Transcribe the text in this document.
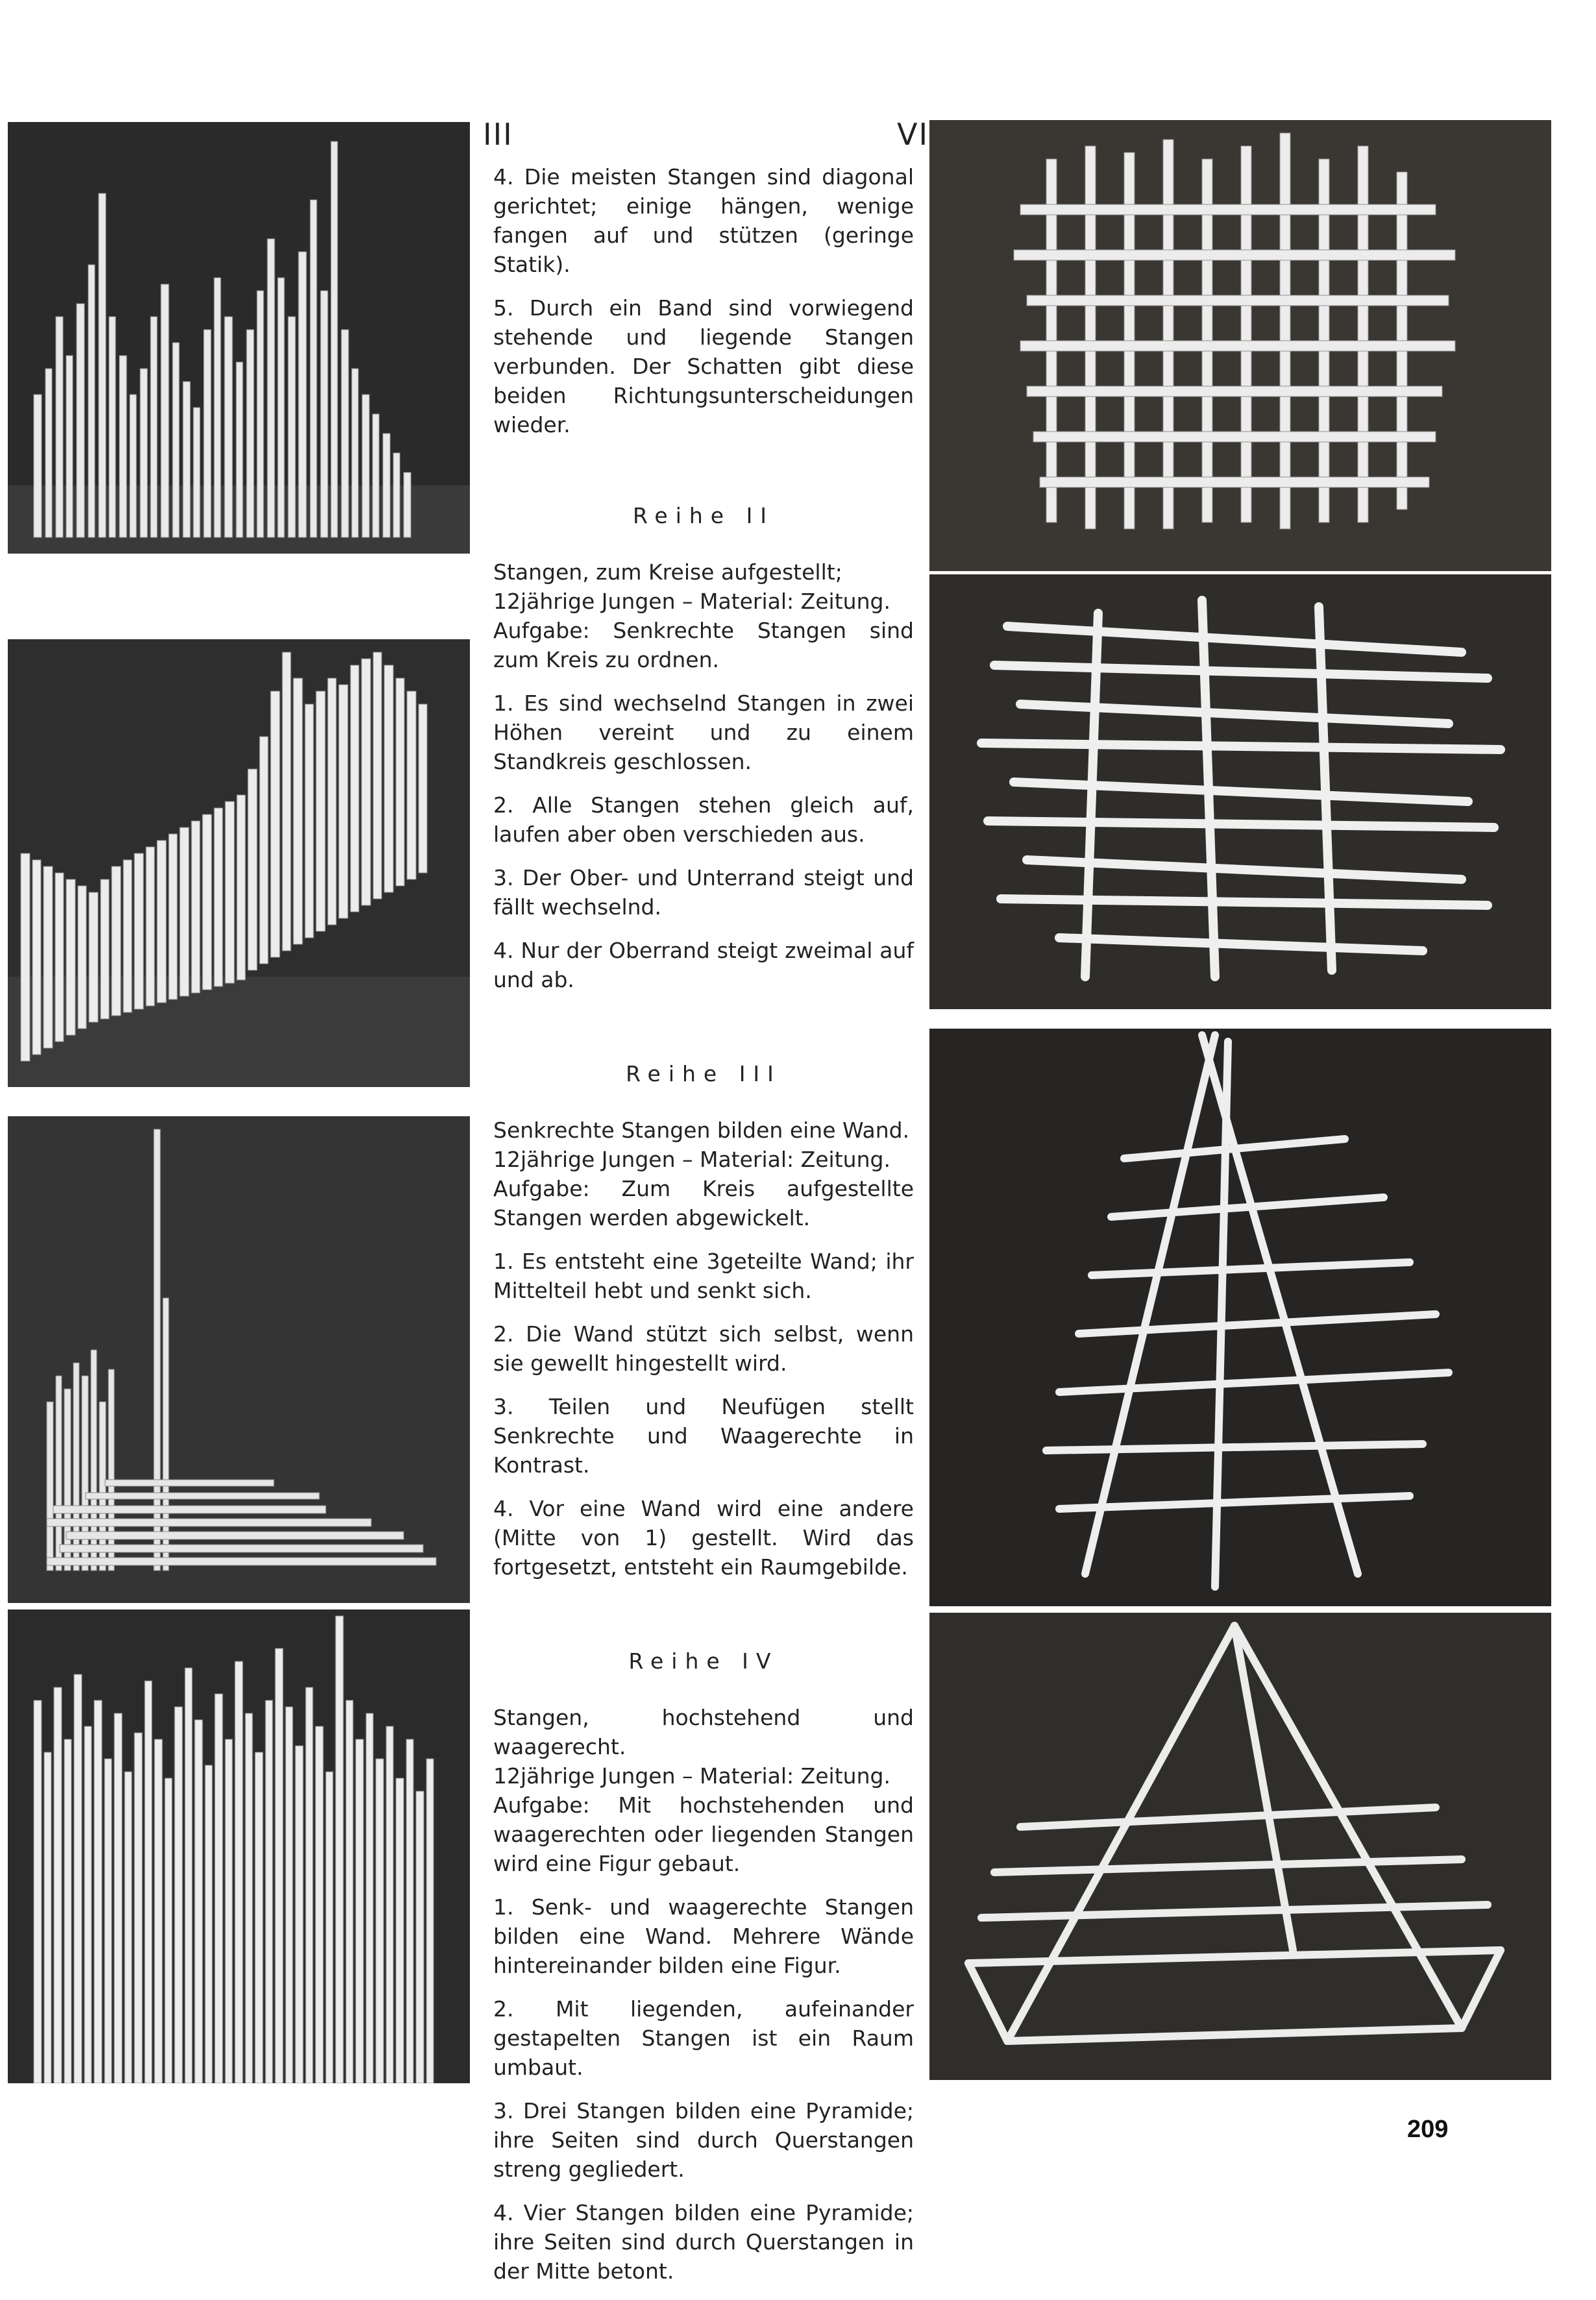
III	VI

4. Die meisten Stangen sind diagonal gerichtet; einige hängen, wenige fangen auf und stützen (geringe Statik).

5. Durch ein Band sind vorwiegend stehende und liegende Stangen verbunden. Der Schatten gibt diese beiden Richtungsunterscheidungen wieder.

Reihe II

Stangen, zum Kreise aufgestellt;

12jährige Jungen – Material: Zeitung.

Aufgabe: Senkrechte Stangen sind zum Kreis zu ordnen.

1. Es sind wechselnd Stangen in zwei Höhen vereint und zu einem Standkreis geschlossen.

2. Alle Stangen stehen gleich auf, laufen aber oben verschieden aus.

3. Der Ober- und Unterrand steigt und fällt wechselnd.

4. Nur der Oberrand steigt zweimal auf und ab.

Reihe III

Senkrechte Stangen bilden eine Wand.

12jährige Jungen – Material: Zeitung.

Aufgabe: Zum Kreis aufgestellte Stangen werden abgewickelt.

1. Es entsteht eine 3geteilte Wand; ihr Mittelteil hebt und senkt sich.

2. Die Wand stützt sich selbst, wenn sie gewellt hingestellt wird.

3. Teilen und Neufügen stellt Senkrechte und Waagerechte in Kontrast.

4. Vor eine Wand wird eine andere (Mitte von 1) gestellt. Wird das fortgesetzt, entsteht ein Raumgebilde.

Reihe IV

Stangen, hochstehend und waagerecht.

12jährige Jungen – Material: Zeitung.

Aufgabe: Mit hochstehenden und waagerechten oder liegenden Stangen wird eine Figur gebaut.

1. Senk- und waagerechte Stangen bilden eine Wand. Mehrere Wände hintereinander bilden eine Figur.

2. Mit liegenden, aufeinander gestapelten Stangen ist ein Raum umbaut.

3. Drei Stangen bilden eine Pyramide; ihre Seiten sind durch Querstangen streng gegliedert.

4. Vier Stangen bilden eine Pyramide; ihre Seiten sind durch Querstangen in der Mitte betont.

209
